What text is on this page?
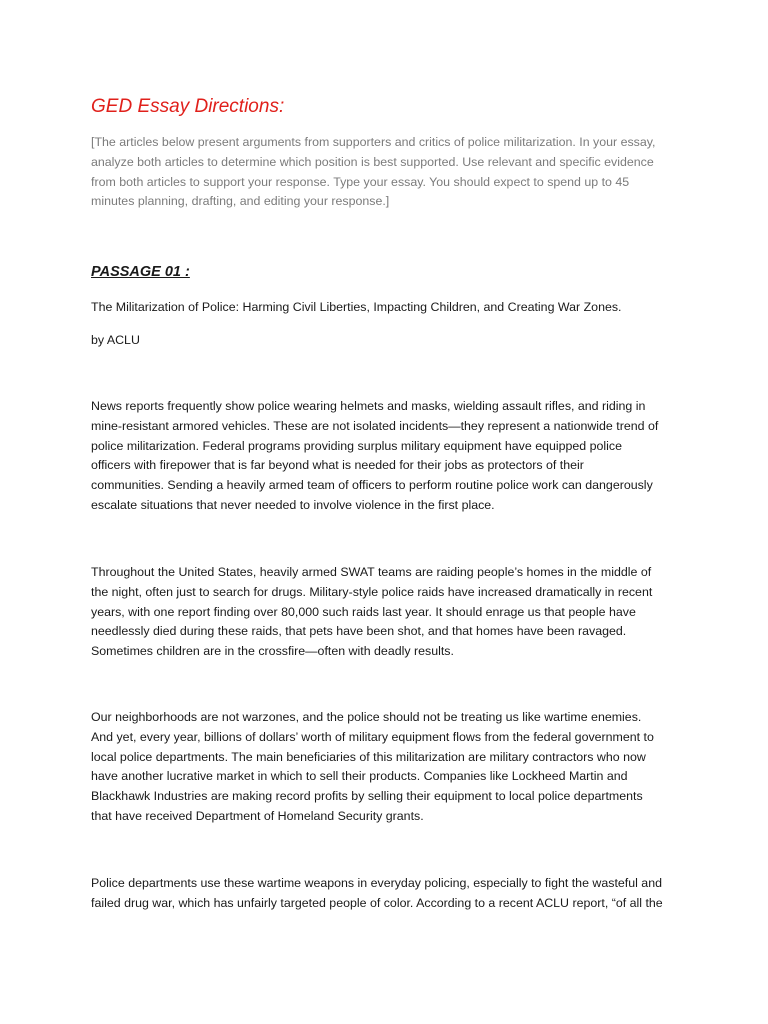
GED Essay Directions:
[The articles below present arguments from supporters and critics of police militarization. In your essay,
analyze both articles to determine which position is best supported. Use relevant and specific evidence
from both articles to support your response. Type your essay. You should expect to spend up to 45
minutes planning, drafting, and editing your response.]
PASSAGE 01 :
The Militarization of Police: Harming Civil Liberties, Impacting Children, and Creating War Zones.
by ACLU

News reports frequently show police wearing helmets and masks, wielding assault rifles, and riding in
mine-resistant armored vehicles. These are not isolated incidents—they represent a nationwide trend of
police militarization. Federal programs providing surplus military equipment have equipped police
officers with firepower that is far beyond what is needed for their jobs as protectors of their
communities. Sending a heavily armed team of officers to perform routine police work can dangerously
escalate situations that never needed to involve violence in the first place.

Throughout the United States, heavily armed SWAT teams are raiding people’s homes in the middle of
the night, often just to search for drugs. Military-style police raids have increased dramatically in recent
years, with one report finding over 80,000 such raids last year. It should enrage us that people have
needlessly died during these raids, that pets have been shot, and that homes have been ravaged.
Sometimes children are in the crossfire—often with deadly results.

Our neighborhoods are not warzones, and the police should not be treating us like wartime enemies.
And yet, every year, billions of dollars’ worth of military equipment flows from the federal government to
local police departments. The main beneficiaries of this militarization are military contractors who now
have another lucrative market in which to sell their products. Companies like Lockheed Martin and
Blackhawk Industries are making record profits by selling their equipment to local police departments
that have received Department of Homeland Security grants.

Police departments use these wartime weapons in everyday policing, especially to fight the wasteful and
failed drug war, which has unfairly targeted people of color. According to a recent ACLU report, “of all the
